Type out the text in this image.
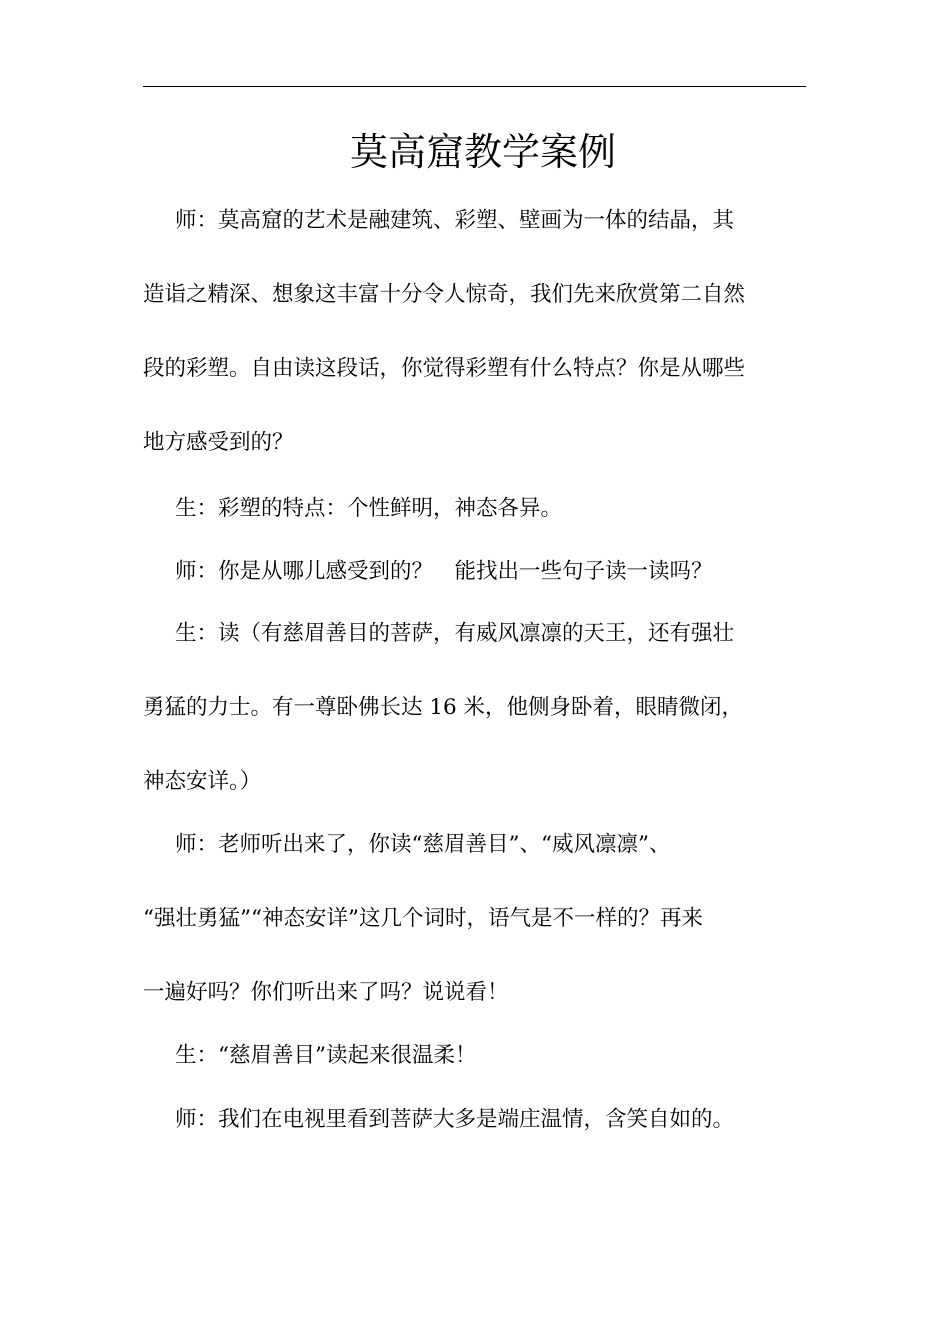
莫高窟教学案例

师：莫高窟的艺术是融建筑、彩塑、壁画为一体的结晶，其
造诣之精深、想象这丰富十分令人惊奇，我们先来欣赏第二自然
段的彩塑。自由读这段话，你觉得彩塑有什么特点？你是从哪些
地方感受到的？

生：彩塑的特点：个性鲜明，神态各异。

师：你是从哪儿感受到的？　能找出一些句子读一读吗？

生：读（有慈眉善目的菩萨，有威风凛凛的天王，还有强壮
勇猛的力士。有一尊卧佛长达 16 米，他侧身卧着，眼睛微闭，
神态安详。）

师：老师听出来了，你读“慈眉善目”、“威风凛凛”、
“强壮勇猛”“神态安详”这几个词时，语气是不一样的？再来
一遍好吗？你们听出来了吗？说说看！

生：“慈眉善目”读起来很温柔！

师：我们在电视里看到菩萨大多是端庄温情，含笑自如的。
